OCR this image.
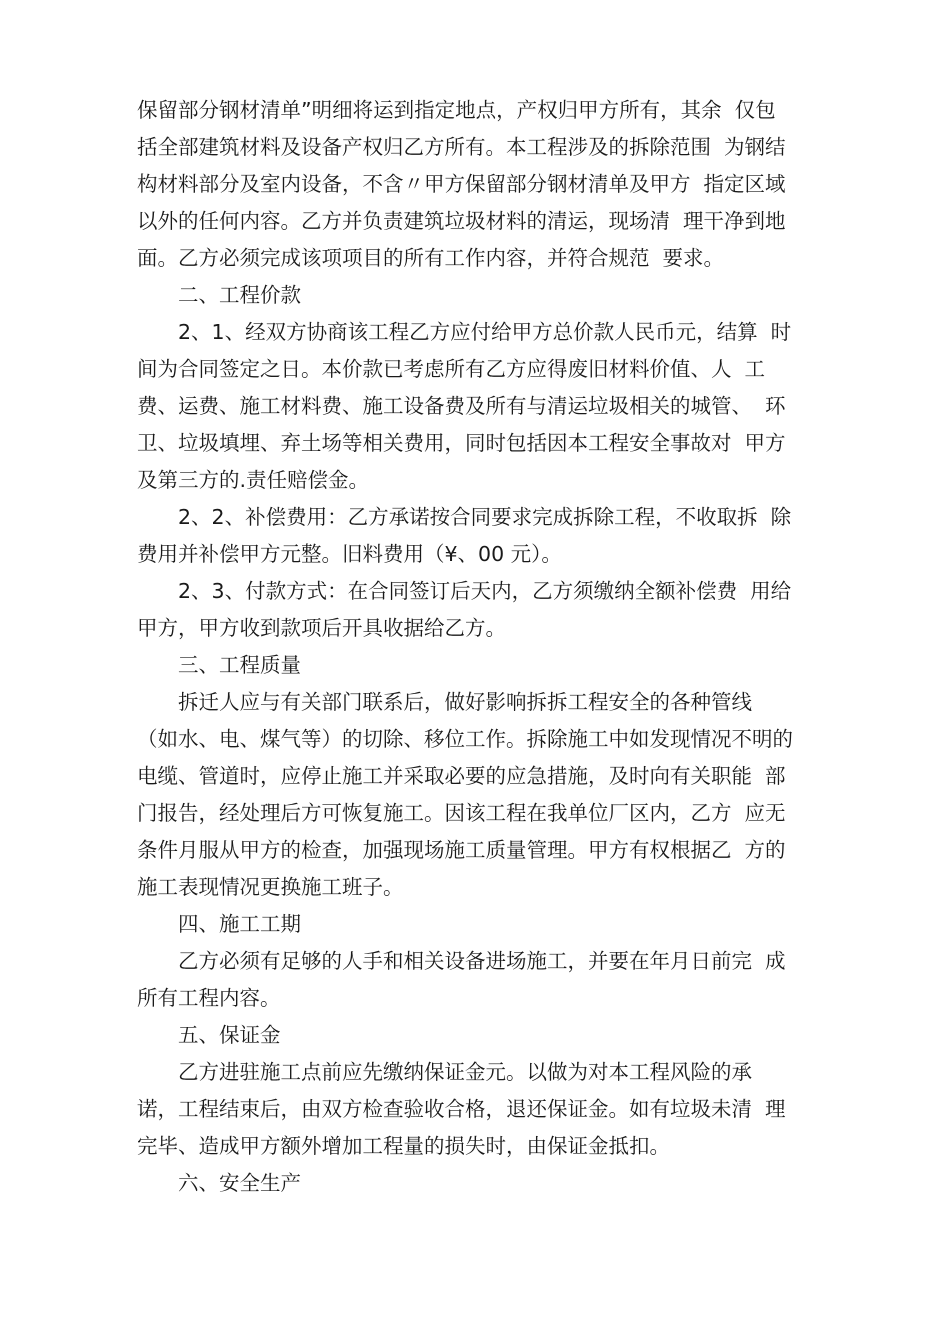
保留部分钢材清单”明细将运到指定地点，产权归甲方所有，其余  仅包
括全部建筑材料及设备产权归乙方所有。本工程涉及的拆除范围  为钢结
构材料部分及室内设备，不含〃甲方保留部分钢材清单及甲方  指定区域
以外的任何内容。乙方并负责建筑垃圾材料的清运，现场清  理干净到地
面。乙方必须完成该项项目的所有工作内容，并符合规范  要求。
二、工程价款
2、1、经双方协商该工程乙方应付给甲方总价款人民币元，结算  时
间为合同签定之日。本价款已考虑所有乙方应得废旧材料价值、人  工
费、运费、施工材料费、施工设备费及所有与清运垃圾相关的城管、  环
卫、垃圾填埋、弃土场等相关费用，同时包括因本工程安全事故对  甲方
及第三方的.责任赔偿金。
2、2、补偿费用：乙方承诺按合同要求完成拆除工程，不收取拆  除
费用并补偿甲方元整。旧料费用（¥、00 元）。
2、3、付款方式：在合同签订后天内，乙方须缴纳全额补偿费  用给
甲方，甲方收到款项后开具收据给乙方。
三、工程质量
拆迁人应与有关部门联系后，做好影响拆拆工程安全的各种管线
（如水、电、煤气等）的切除、移位工作。拆除施工中如发现情况不明的
电缆、管道时，应停止施工并采取必要的应急措施，及时向有关职能  部
门报告，经处理后方可恢复施工。因该工程在我单位厂区内，乙方  应无
条件月服从甲方的检查，加强现场施工质量管理。甲方有权根据乙  方的
施工表现情况更换施工班子。
四、施工工期
乙方必须有足够的人手和相关设备进场施工，并要在年月日前完  成
所有工程内容。
五、保证金
乙方进驻施工点前应先缴纳保证金元。以做为对本工程风险的承
诺，工程结束后，由双方检查验收合格，退还保证金。如有垃圾未清  理
完毕、造成甲方额外增加工程量的损失时，由保证金抵扣。
六、安全生产
